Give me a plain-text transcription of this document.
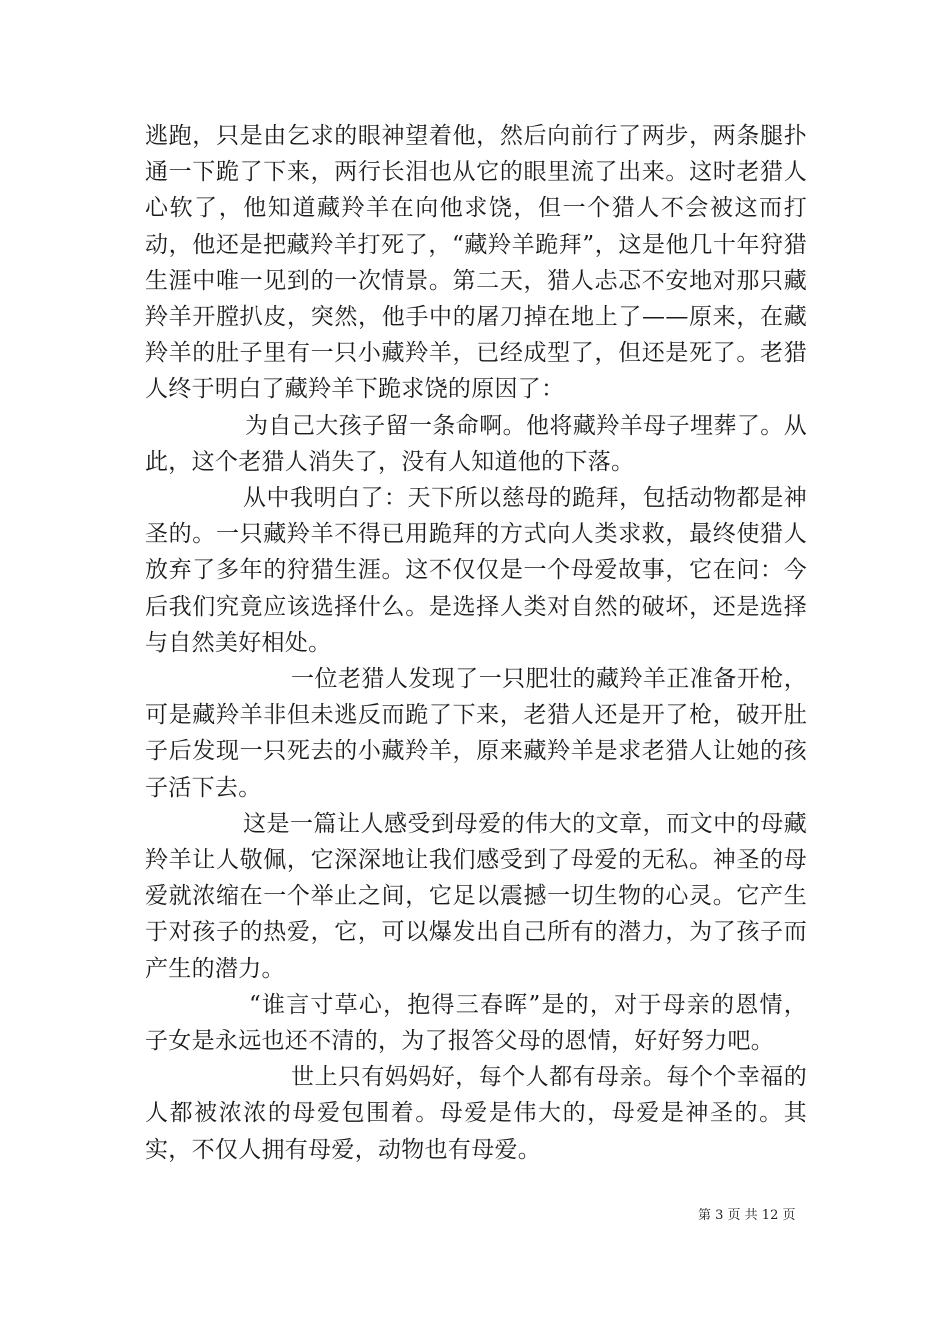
逃跑，只是由乞求的眼神望着他，然后向前行了两步，两条腿扑通一下跪了下来，两行长泪也从它的眼里流了出来。这时老猎人心软了，他知道藏羚羊在向他求饶，但一个猎人不会被这而打动，他还是把藏羚羊打死了，“藏羚羊跪拜”，这是他几十年狩猎生涯中唯一见到的一次情景。第二天，猎人忐忑不安地对那只藏羚羊开膛扒皮，突然，他手中的屠刀掉在地上了——原来，在藏羚羊的肚子里有一只小藏羚羊，已经成型了，但还是死了。老猎人终于明白了藏羚羊下跪求饶的原因了：

为自己大孩子留一条命啊。他将藏羚羊母子埋葬了。从此，这个老猎人消失了，没有人知道他的下落。

从中我明白了：天下所以慈母的跪拜，包括动物都是神圣的。一只藏羚羊不得已用跪拜的方式向人类求救，最终使猎人放弃了多年的狩猎生涯。这不仅仅是一个母爱故事，它在问：今后我们究竟应该选择什么。是选择人类对自然的破坏，还是选择与自然美好相处。

一位老猎人发现了一只肥壮的藏羚羊正准备开枪，可是藏羚羊非但未逃反而跪了下来，老猎人还是开了枪，破开肚子后发现一只死去的小藏羚羊，原来藏羚羊是求老猎人让她的孩子活下去。

这是一篇让人感受到母爱的伟大的文章，而文中的母藏羚羊让人敬佩，它深深地让我们感受到了母爱的无私。神圣的母爱就浓缩在一个举止之间，它足以震撼一切生物的心灵。它产生于对孩子的热爱，它，可以爆发出自己所有的潜力，为了孩子而产生的潜力。

“谁言寸草心，抱得三春晖”是的，对于母亲的恩情，子女是永远也还不清的，为了报答父母的恩情，好好努力吧。

世上只有妈妈好，每个人都有母亲。每个个幸福的人都被浓浓的母爱包围着。母爱是伟大的，母爱是神圣的。其实，不仅人拥有母爱，动物也有母爱。

第 3 页 共 12 页
